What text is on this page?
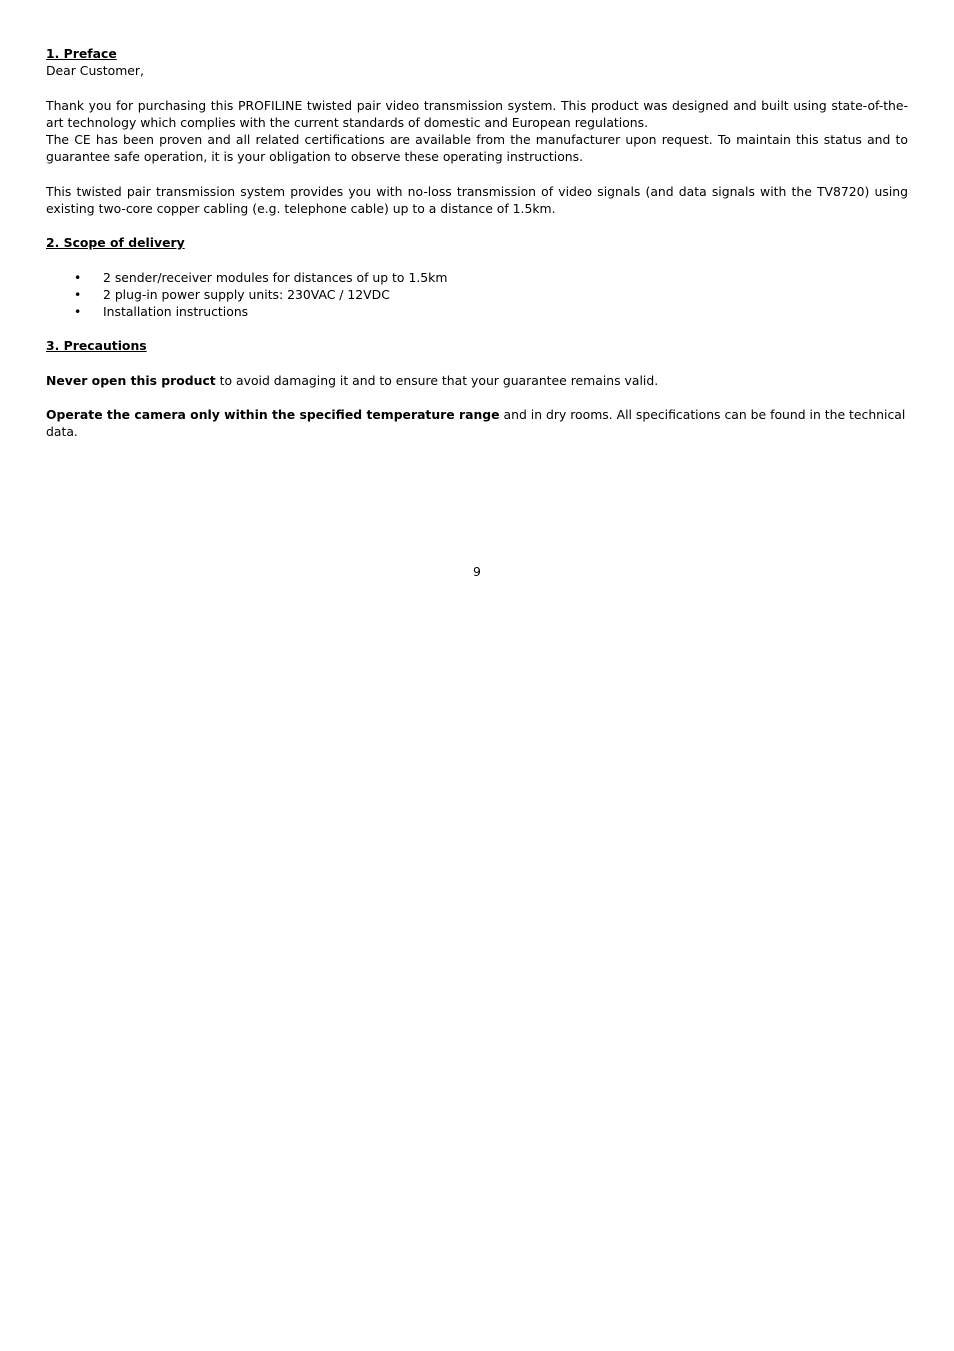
1. Preface

Dear Customer,

Thank you for purchasing this PROFILINE twisted pair video transmission system. This product was designed and built using state-of-the-art technology which complies with the current standards of domestic and European regulations.

The CE has been proven and all related certifications are available from the manufacturer upon request. To maintain this status and to guarantee safe operation, it is your obligation to observe these operating instructions.

This twisted pair transmission system provides you with no-loss transmission of video signals (and data signals with the TV8720) using existing two-core copper cabling (e.g. telephone cable) up to a distance of 1.5km.

2. Scope of delivery

• 2 sender/receiver modules for distances of up to 1.5km
• 2 plug-in power supply units: 230VAC / 12VDC
• Installation instructions

3. Precautions

Never open this product to avoid damaging it and to ensure that your guarantee remains valid.

Operate the camera only within the specified temperature range and in dry rooms. All specifications can be found in the technical data.

9
